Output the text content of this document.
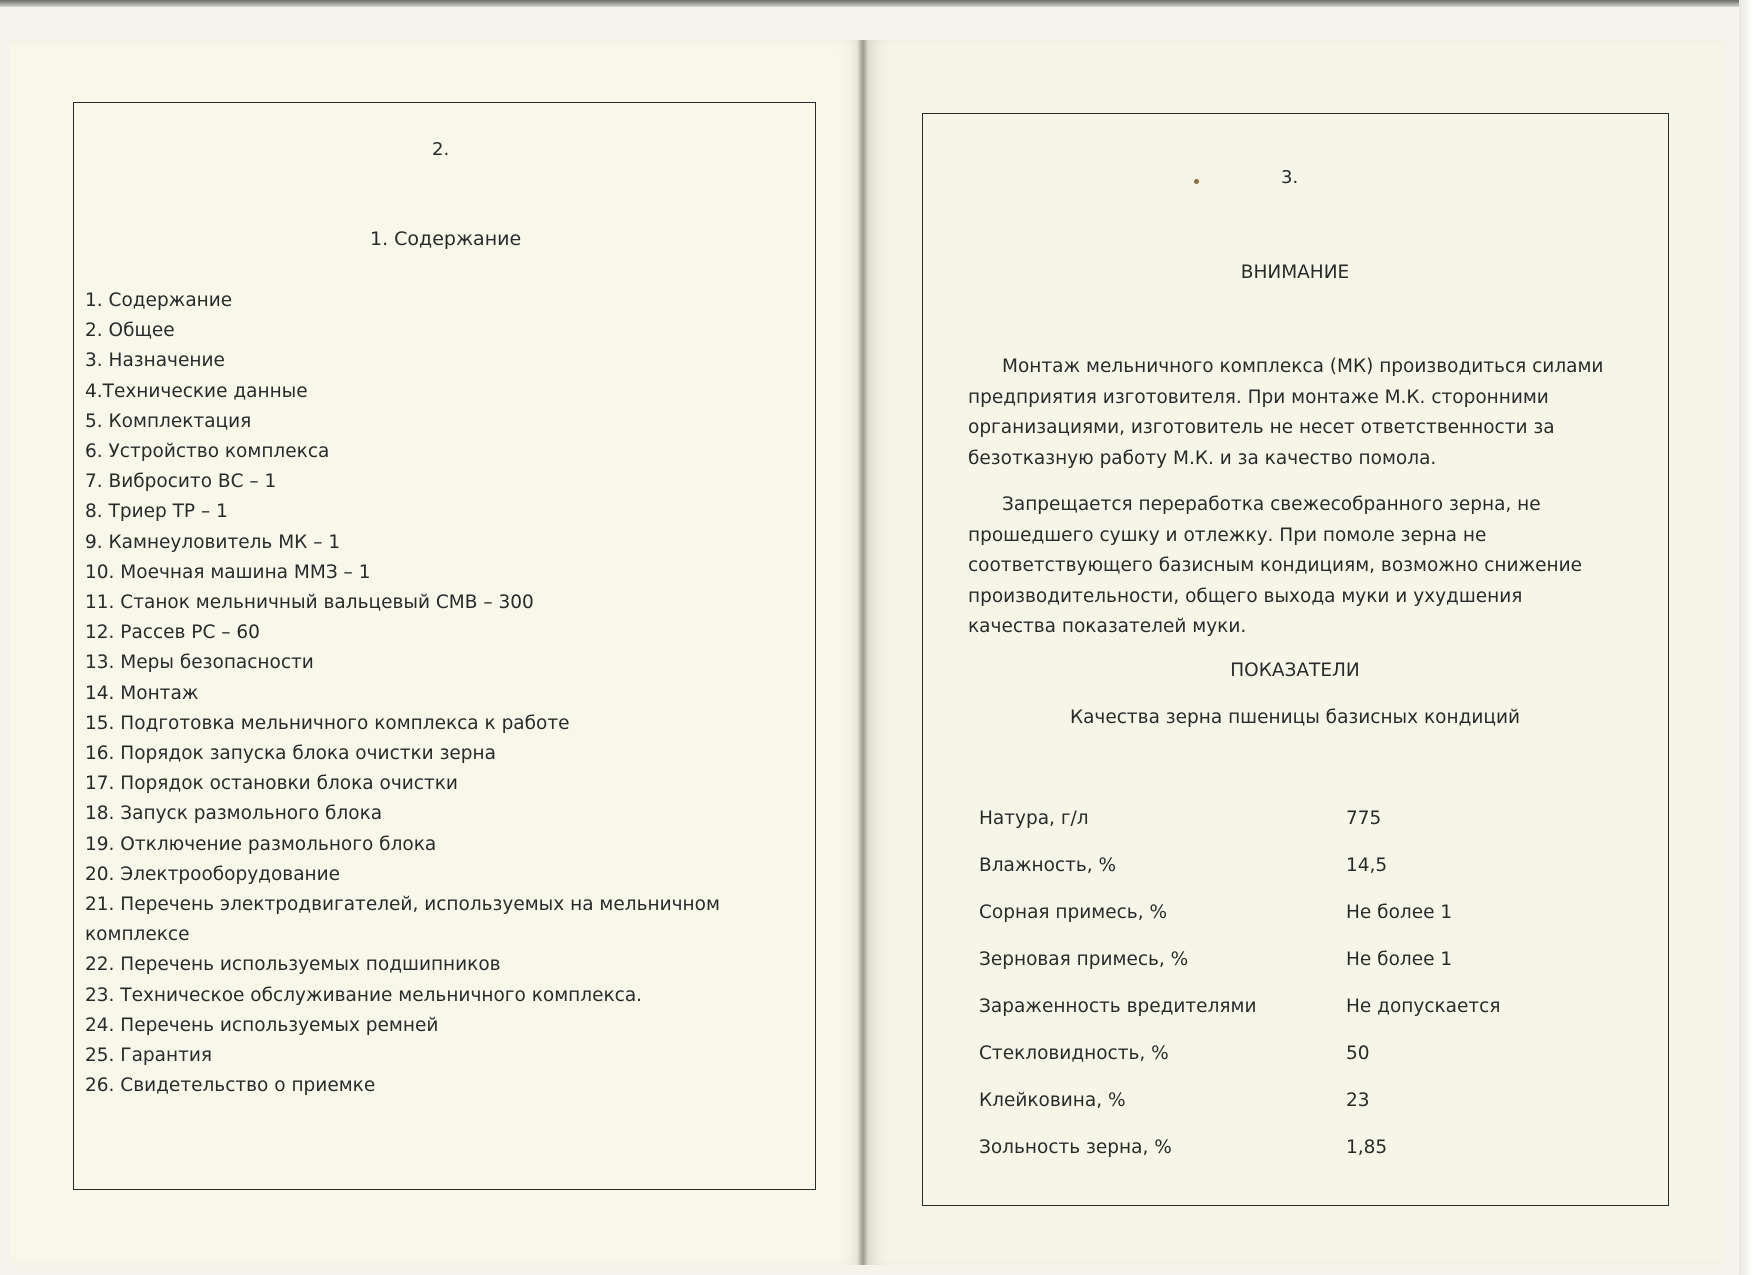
2.
1. Содержание
1. Содержание
2. Общее
3. Назначение
4.Технические данные
5. Комплектация
6. Устройство комплекса
7. Вибросито ВС – 1
8. Триер ТР – 1
9. Камнеуловитель МК – 1
10. Моечная машина ММЗ – 1
11. Станок мельничный вальцевый СМВ – 300
12. Рассев РС – 60
13. Меры безопасности
14. Монтаж
15. Подготовка мельничного комплекса к работе
16. Порядок запуска блока очистки зерна
17. Порядок остановки блока очистки
18. Запуск размольного блока
19. Отключение размольного блока
20. Электрооборудование
21. Перечень электродвигателей, используемых на мельничном комплексе
22. Перечень используемых подшипников
23. Техническое обслуживание мельничного комплекса.
24. Перечень используемых ремней
25. Гарантия
26. Свидетельство о приемке
3.
ВНИМАНИЕ

Монтаж мельничного комплекса (МК) производиться силами предприятия изготовителя. При монтаже М.К. сторонними организациями, изготовитель не несет ответственности за безотказную работу М.К. и за качество помола.

Запрещается переработка свежесобранного зерна, не прошедшего сушку и отлежку. При помоле зерна не соответствующего базисным кондициям, возможно снижение производительности, общего выхода муки и ухудшения качества показателей муки.

ПОКАЗАТЕЛИ
Качества зерна пшеницы базисных кондиций
Натура, г/л	775
Влажность, %	14,5
Сорная примесь, %	Не более 1
Зерновая примесь, %	Не более 1
Зараженность вредителями	Не допускается
Стекловидность, %	50
Клейковина, %	23
Зольность зерна, %	1,85
